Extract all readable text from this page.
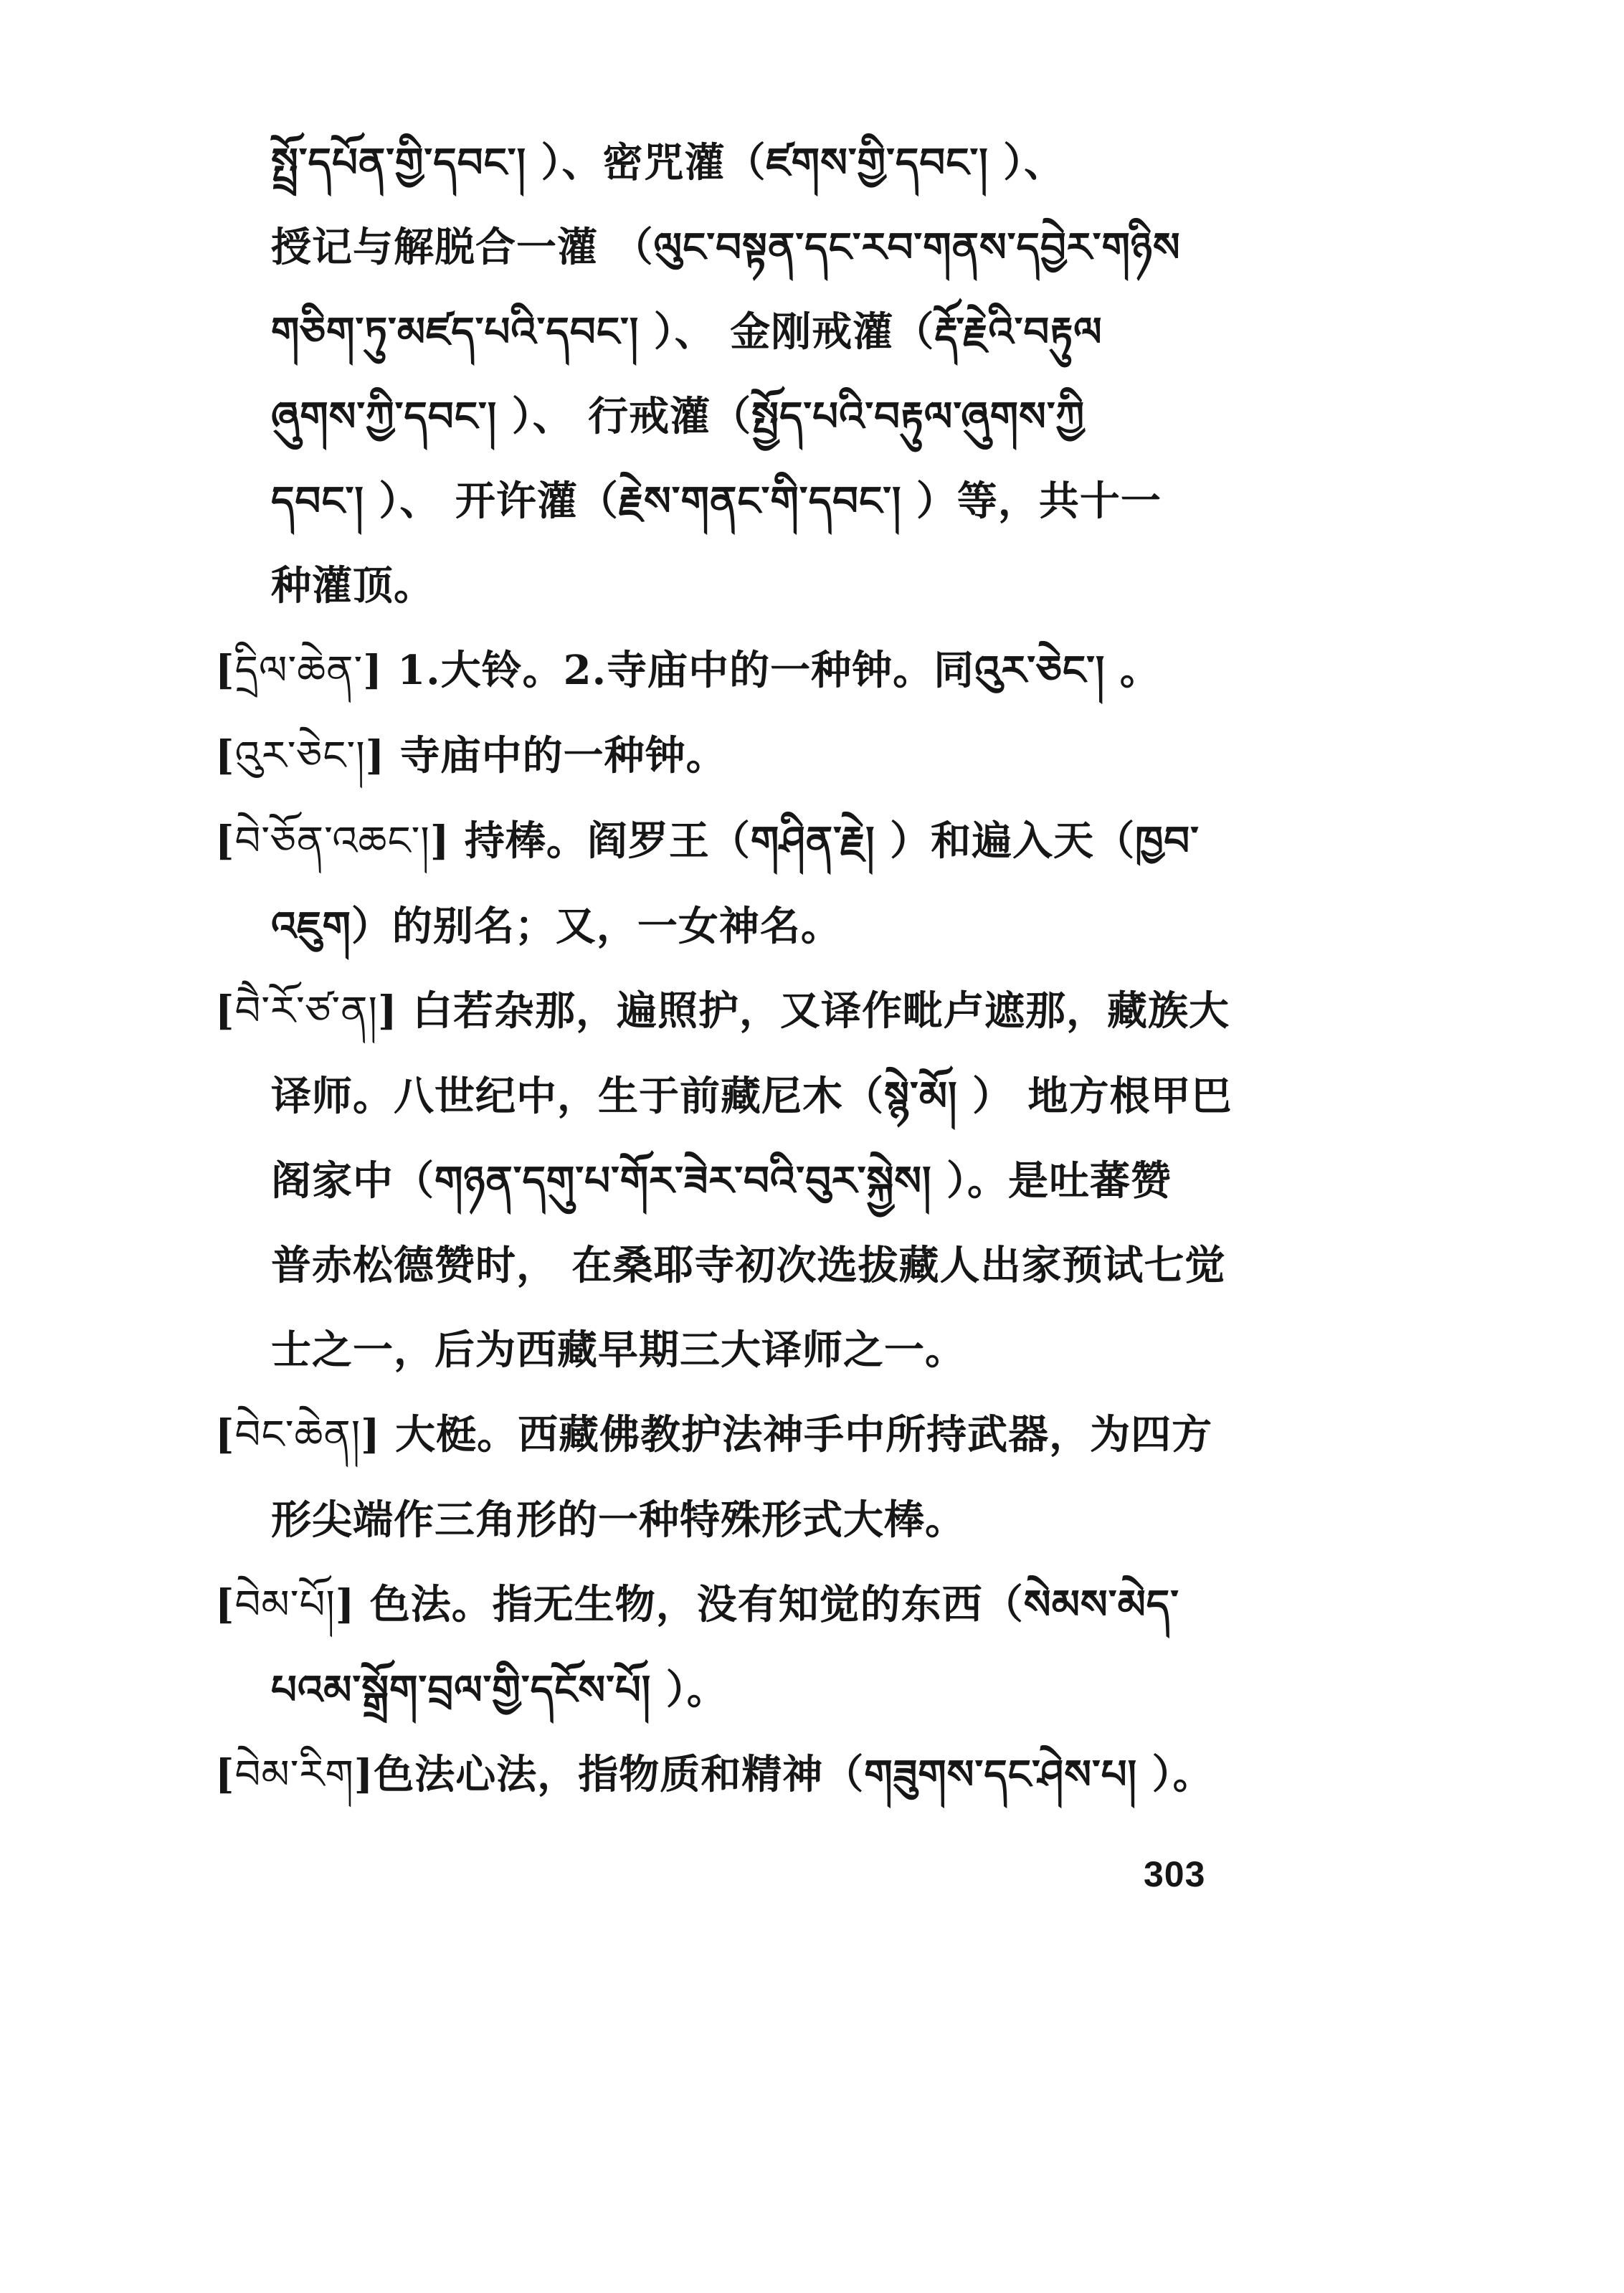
སྤྲོ་དཔོན་གྱི་དབང་། ）、密咒灌（ཛགས་གྱི་དབང་། ）、
授记与解脱合一灌 （ལུང་བསྟན་དང་རབ་གནས་དབྱེར་གཉིས
གཅིག་ཏུ་མཛད་པའི་དབང་། ）、 金刚戒灌（རྡོ་རྗེའི་བརྟུལ
ཞུགས་ཀྱི་དབང་། ）、 行戒灌（སྤྱོད་པའི་བརྟུལ་ཞུགས་ཀྱི
དབང་། ）、 开许灌（རྗེས་གནང་གི་དབང་། ）等，共十一
种灌顶。
[དྲིལ་ཆེན་] 1.大铃。2.寺庙中的一种钟。同འུར་ཅེང་། 。
[འུར་ཅེང་།] 寺庙中的一种钟。
[བེ་ཅོན་འཆང་།] 持棒。阎罗王（གཤིན་རྗེ། ）和遍入天（ཁྱབ་
འཇུག）的别名；又，一女神名。
[བཻ་རོ་ཙ་ན།] 白若杂那，遍照护，又译作毗卢遮那，藏族大
译师。八世纪中，生于前藏尼木（སྙེ་མོ། ） 地方根甲巴
阁家中（གཉན་དགུ་པ་གོར་ཟེར་བའི་བུར་སྐྱེས། ）。是吐蕃赞
普赤松德赞时， 在桑耶寺初次选拔藏人出家预试七觉
士之一，后为西藏早期三大译师之一。
[བེང་ཆེན།] 大梃。西藏佛教护法神手中所持武器，为四方
形尖端作三角形的一种特殊形式大棒。
[བེམ་པོ།] 色法。指无生物，没有知觉的东西（སེམས་མེད་
པའམ་སྒྲོག་བྲལ་གྱི་དངོས་པོ། ）。
[བེམ་རིག]色法心法，指物质和精神（གཟུགས་དང་ཤེས་པ། ）。
303
